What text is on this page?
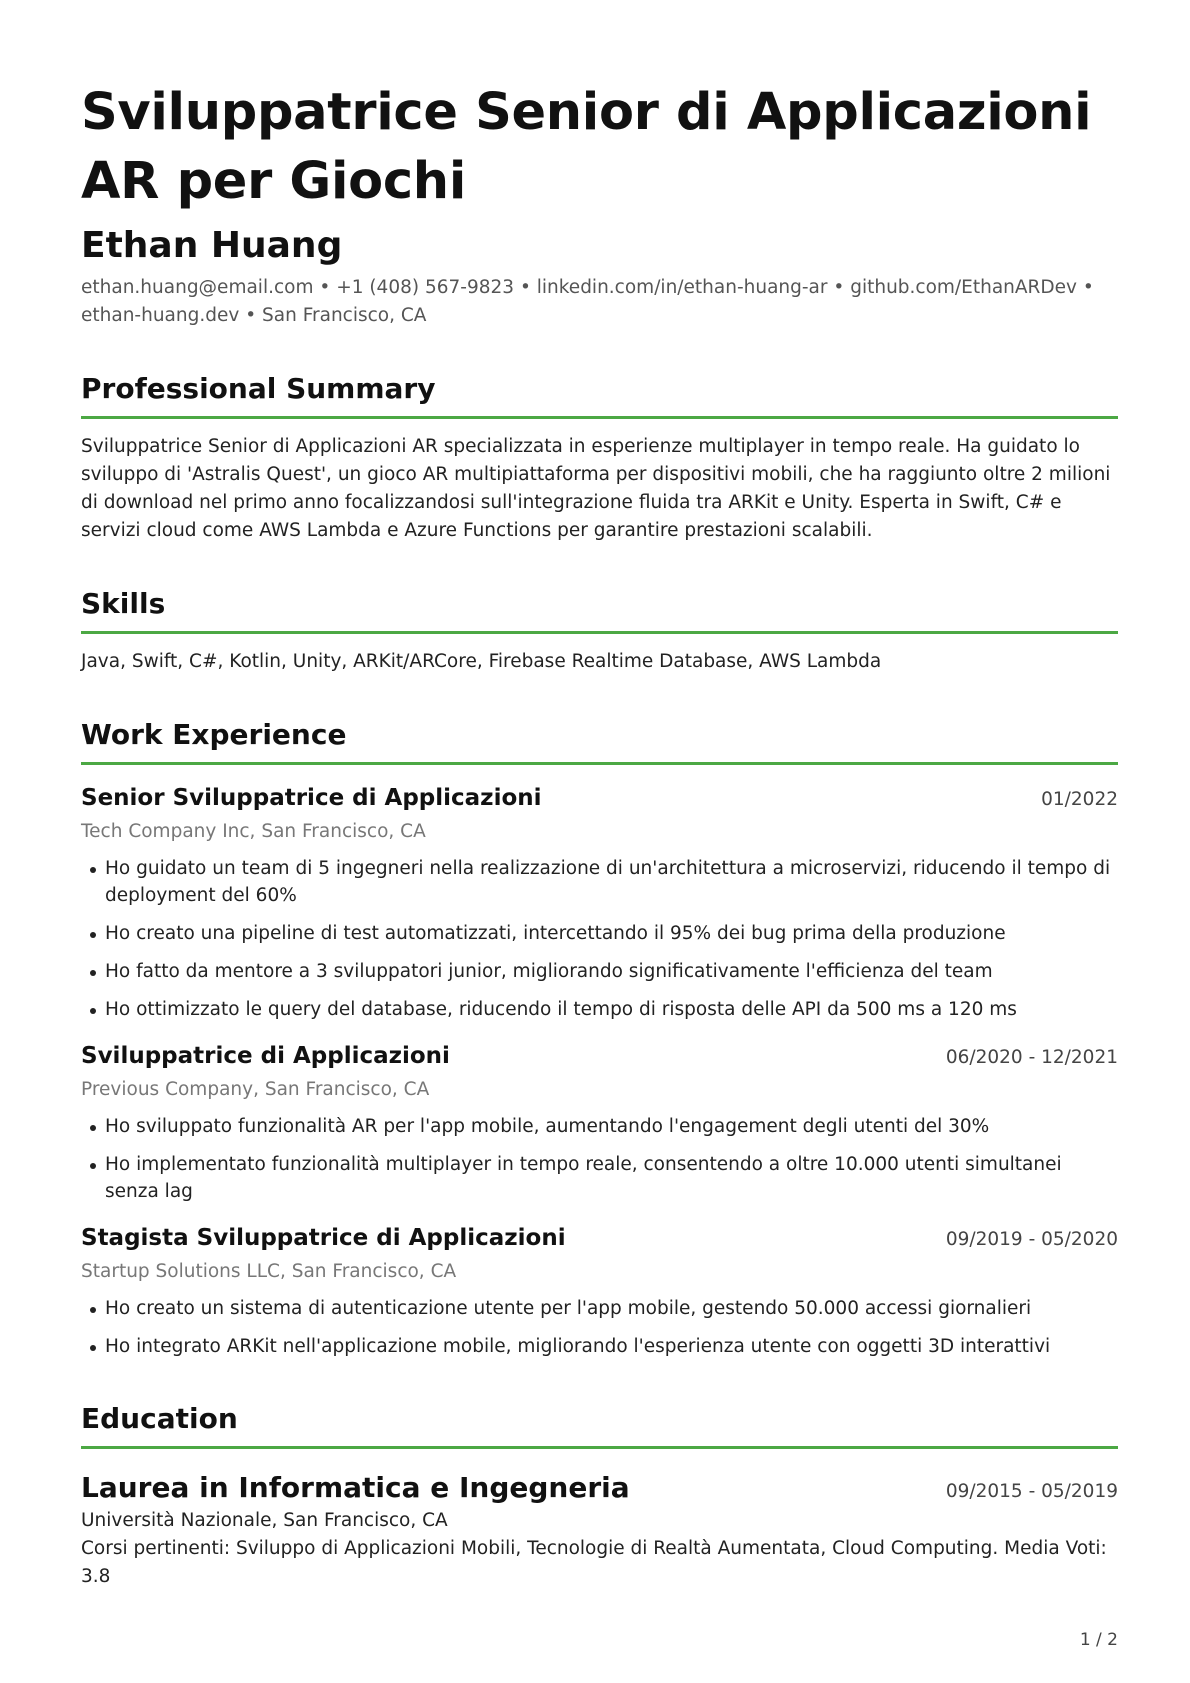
Sviluppatrice Senior di Applicazioni AR per Giochi
Ethan Huang
ethan.huang@email.com • +1 (408) 567-9823 • linkedin.com/in/ethan-huang-ar • github.com/EthanARDev • ethan-huang.dev • San Francisco, CA
Professional Summary
Sviluppatrice Senior di Applicazioni AR specializzata in esperienze multiplayer in tempo reale. Ha guidato lo sviluppo di 'Astralis Quest', un gioco AR multipiattaforma per dispositivi mobili, che ha raggiunto oltre 2 milioni di download nel primo anno focalizzandosi sull'integrazione fluida tra ARKit e Unity. Esperta in Swift, C# e servizi cloud come AWS Lambda e Azure Functions per garantire prestazioni scalabili.
Skills
Java, Swift, C#, Kotlin, Unity, ARKit/ARCore, Firebase Realtime Database, AWS Lambda
Work Experience
Senior Sviluppatrice di Applicazioni	01/2022
Tech Company Inc, San Francisco, CA
Ho guidato un team di 5 ingegneri nella realizzazione di un'architettura a microservizi, riducendo il tempo di deployment del 60%
Ho creato una pipeline di test automatizzati, intercettando il 95% dei bug prima della produzione
Ho fatto da mentore a 3 sviluppatori junior, migliorando significativamente l'efficienza del team
Ho ottimizzato le query del database, riducendo il tempo di risposta delle API da 500 ms a 120 ms
Sviluppatrice di Applicazioni	06/2020 - 12/2021
Previous Company, San Francisco, CA
Ho sviluppato funzionalità AR per l'app mobile, aumentando l'engagement degli utenti del 30%
Ho implementato funzionalità multiplayer in tempo reale, consentendo a oltre 10.000 utenti simultanei senza lag
Stagista Sviluppatrice di Applicazioni	09/2019 - 05/2020
Startup Solutions LLC, San Francisco, CA
Ho creato un sistema di autenticazione utente per l'app mobile, gestendo 50.000 accessi giornalieri
Ho integrato ARKit nell'applicazione mobile, migliorando l'esperienza utente con oggetti 3D interattivi
Education
Laurea in Informatica e Ingegneria	09/2015 - 05/2019
Università Nazionale, San Francisco, CA
Corsi pertinenti: Sviluppo di Applicazioni Mobili, Tecnologie di Realtà Aumentata, Cloud Computing. Media Voti: 3.8
1 / 2
